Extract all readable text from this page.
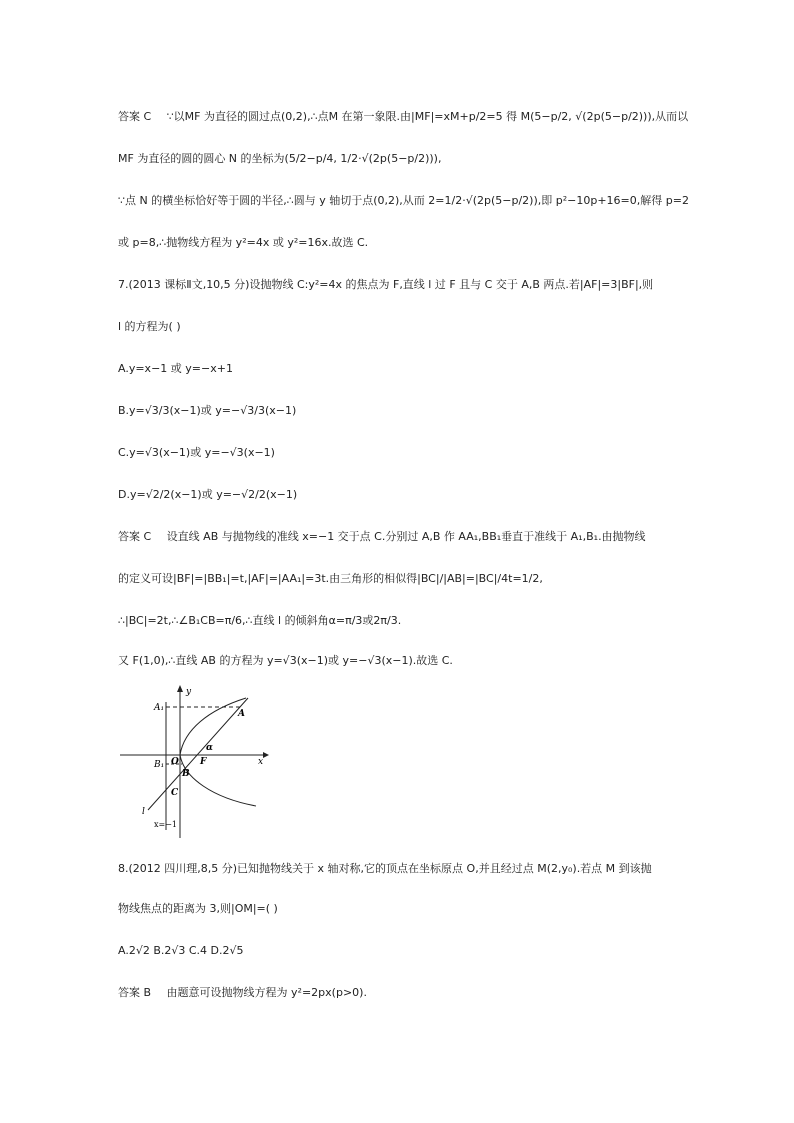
答案 C ∵以MF 为直径的圆过点(0,2),∴点M 在第一象限.由|MF|=xM+p/2=5 得 M(5−p/2, √(2p(5−p/2))),从而以
MF 为直径的圆的圆心 N 的坐标为(5/2−p/4, 1/2·√(2p(5−p/2))),
∵点 N 的横坐标恰好等于圆的半径,∴圆与 y 轴切于点(0,2),从而 2=1/2·√(2p(5−p/2)),即 p²−10p+16=0,解得 p=2
或 p=8,∴抛物线方程为 y²=4x 或 y²=16x.故选 C.
7.(2013 课标Ⅱ文,10,5 分)设抛物线 C:y²=4x 的焦点为 F,直线 l 过 F 且与 C 交于 A,B 两点.若|AF|=3|BF|,则
l 的方程为( )
A.y=x−1 或 y=−x+1
B.y=√3/3(x−1)或 y=−√3/3(x−1)
C.y=√3(x−1)或 y=−√3(x−1)
D.y=√2/2(x−1)或 y=−√2/2(x−1)
答案 C 设直线 AB 与抛物线的准线 x=−1 交于点 C.分别过 A,B 作 AA₁,BB₁垂直于准线于 A₁,B₁.由抛物线
的定义可设|BF|=|BB₁|=t,|AF|=|AA₁|=3t.由三角形的相似得|BC|/|AB|=|BC|/4t=1/2,
∴|BC|=2t,∴∠B₁CB=π/6,∴直线 l 的倾斜角α=π/3或2π/3.
又 F(1,0),∴直线 AB 的方程为 y=√3(x−1)或 y=−√3(x−1).故选 C.
y
x
A
A₁
B₁
B
O F
C
l
α
x=−1
8.(2012 四川理,8,5 分)已知抛物线关于 x 轴对称,它的顶点在坐标原点 O,并且经过点 M(2,y₀).若点 M 到该抛
物线焦点的距离为 3,则|OM|=( )
A.2√2 B.2√3 C.4 D.2√5
答案 B 由题意可设抛物线方程为 y²=2px(p>0).
